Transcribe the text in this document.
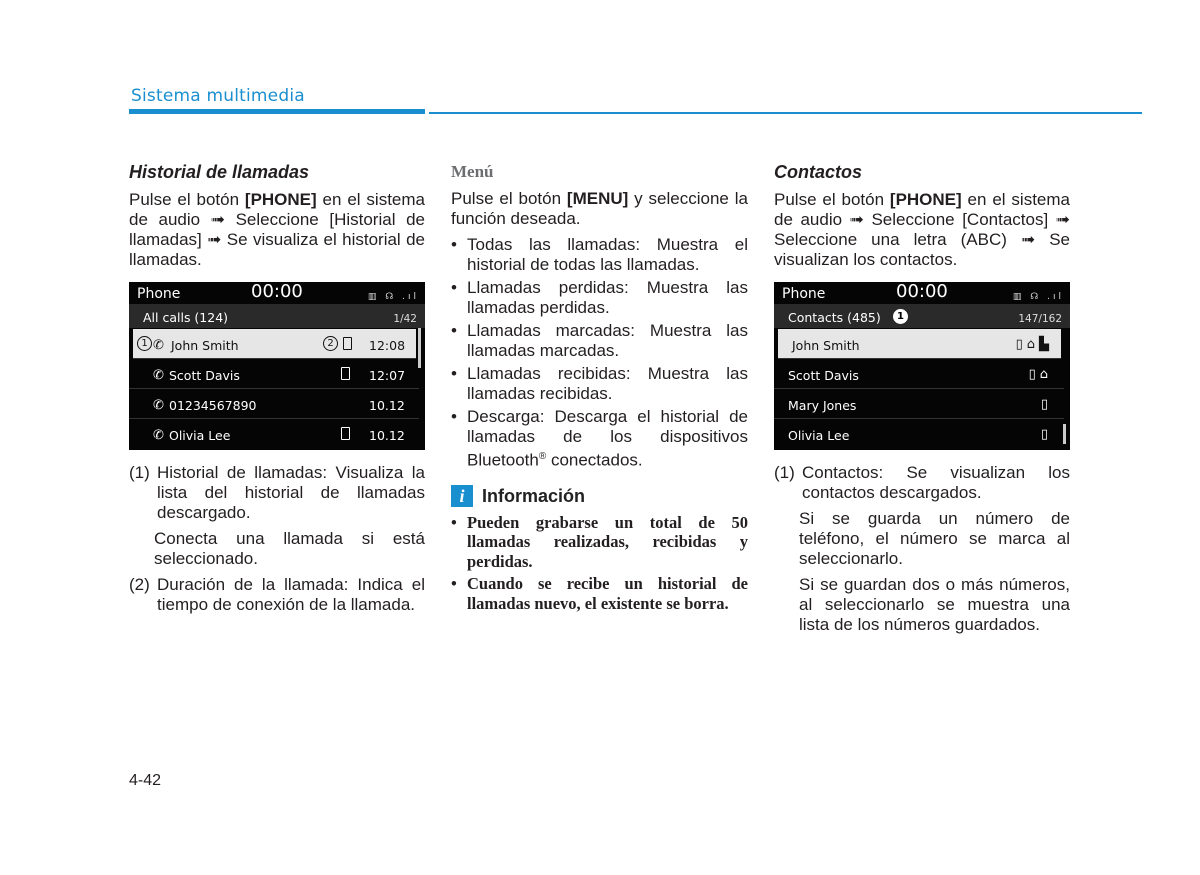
Sistema multimedia
Historial de llamadas

Pulse el botón [PHONE] en el sistema de audio ➟ Seleccione [Historial de llamadas] ➟ Se visualiza el historial de llamadas.

Phone	00:00	▥ ☊ .ıl
All calls (124)	1/42
1 ✆ John Smith	2	12:08
✆ Scott Davis	12:07
✆ 01234567890	10.12
✆ Olivia Lee	10.12
(1) Historial de llamadas: Visualiza la lista del historial de llamadas descargado.
Conecta una llamada si está seleccionado.
(2) Duración de la llamada: Indica el tiempo de conexión de la llamada.
Menú

Pulse el botón [MENU] y seleccione la función deseada.

• Todas las llamadas: Muestra el historial de todas las llamadas.
• Llamadas perdidas: Muestra las llamadas perdidas.
• Llamadas marcadas: Muestra las llamadas marcadas.
• Llamadas recibidas: Muestra las llamadas recibidas.
• Descarga: Descarga el historial de llamadas de los dispositivos Bluetooth® conectados.
i Información
• Pueden grabarse un total de 50 llamadas realizadas, recibidas y perdidas.
• Cuando se recibe un historial de llamadas nuevo, el existente se borra.
Contactos

Pulse el botón [PHONE] en el sistema de audio ➟ Seleccione [Contactos] ➟ Seleccione una letra (ABC) ➟ Se visualizan los contactos.

Phone	00:00	▥ ☊ .ıl
Contacts (485)	1	147/162
John Smith	▯⌂▙
Scott Davis	▯⌂
Mary Jones	▯
Olivia Lee	▯
(1) Contactos: Se visualizan los contactos descargados.
Si se guarda un número de teléfono, el número se marca al seleccionarlo.
Si se guardan dos o más números, al seleccionarlo se muestra una lista de los números guardados.
4-42
